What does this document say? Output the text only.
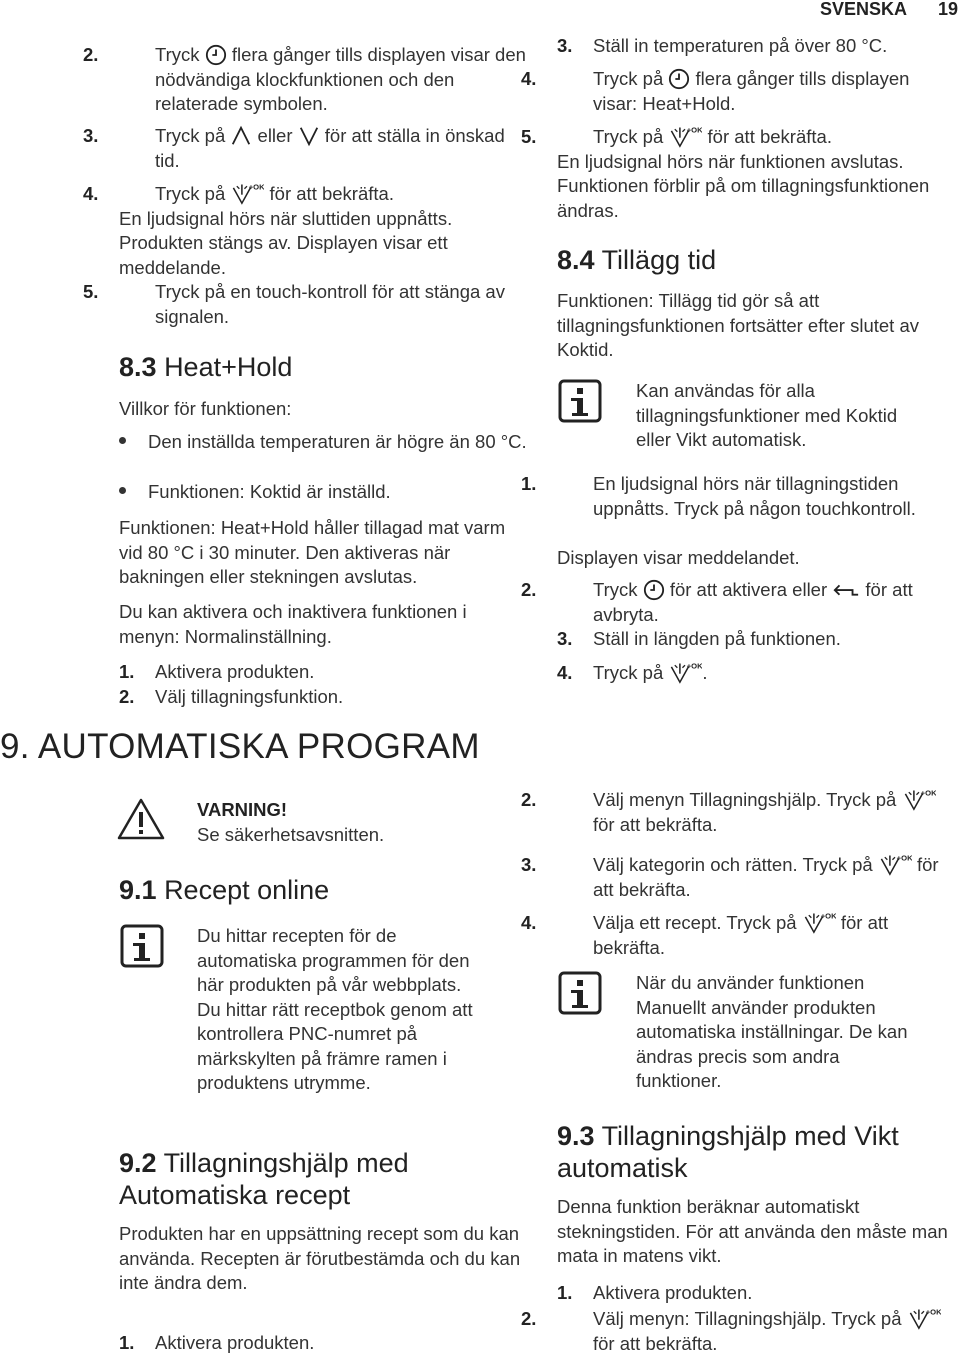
SVENSKA 19
2.	Tryck flera gånger tills displayen visar den nödvändiga klockfunktionen och den relaterade symbolen.
3.	Tryck på eller för att ställa in önskad tid.
4.	Tryck på för att bekräfta.
En ljudsignal hörs när sluttiden uppnåtts. Produkten stängs av. Displayen visar ett meddelande.
5.	Tryck på en touch-kontroll för att stänga av signalen.
8.3 Heat+Hold
Villkor för funktionen:
Den inställda temperaturen är högre än 80 °C.
Funktionen: Koktid är inställd.
Funktionen: Heat+Hold håller tillagad mat varm vid 80 °C i 30 minuter. Den aktiveras när bakningen eller stekningen avslutas.
Du kan aktivera och inaktivera funktionen i menyn: Normalinställning.
1. Aktivera produkten.
2. Välj tillagningsfunktion.
3. Ställ in temperaturen på över 80 °C.
4.	Tryck på flera gånger tills displayen visar: Heat+Hold.
5.	Tryck på för att bekräfta.
En ljudsignal hörs när funktionen avslutas. Funktionen förblir på om tillagningsfunktionen ändras.
8.4 Tillägg tid
Funktionen: Tillägg tid gör så att tillagningsfunktionen fortsätter efter slutet av Koktid.
Kan användas för alla tillagningsfunktioner med Koktid eller Vikt automatisk.
1.	En ljudsignal hörs när tillagningstiden uppnåtts. Tryck på någon touchkontroll.
Displayen visar meddelandet.
2.	Tryck för att aktivera eller för att avbryta.
3. Ställ in längden på funktionen.
4. Tryck på .
9. AUTOMATISKA PROGRAM
VARNING!
Se säkerhetsavsnitten.
9.1 Recept online
Du hittar recepten för de automatiska programmen för den här produkten på vår webbplats. Du hittar rätt receptbok genom att kontrollera PNC-numret på märkskylten på främre ramen i produktens utrymme.
9.2 Tillagningshjälp med Automatiska recept
Produkten har en uppsättning recept som du kan använda. Recepten är förutbestämda och du kan inte ändra dem.
1. Aktivera produkten.
2.	Välj menyn Tillagningshjälp. Tryck på  för att bekräfta.
3.	Välj kategorin och rätten. Tryck på för att bekräfta.
4.	Välja ett recept. Tryck på för att bekräfta.
När du använder funktionen Manuellt använder produkten automatiska inställningar. De kan ändras precis som andra funktioner.
9.3 Tillagningshjälp med Vikt automatisk
Denna funktion beräknar automatiskt stekningstiden. För att använda den måste man mata in matens vikt.
1. Aktivera produkten.
2.	Välj menyn: Tillagningshjälp. Tryck på  för att bekräfta.
